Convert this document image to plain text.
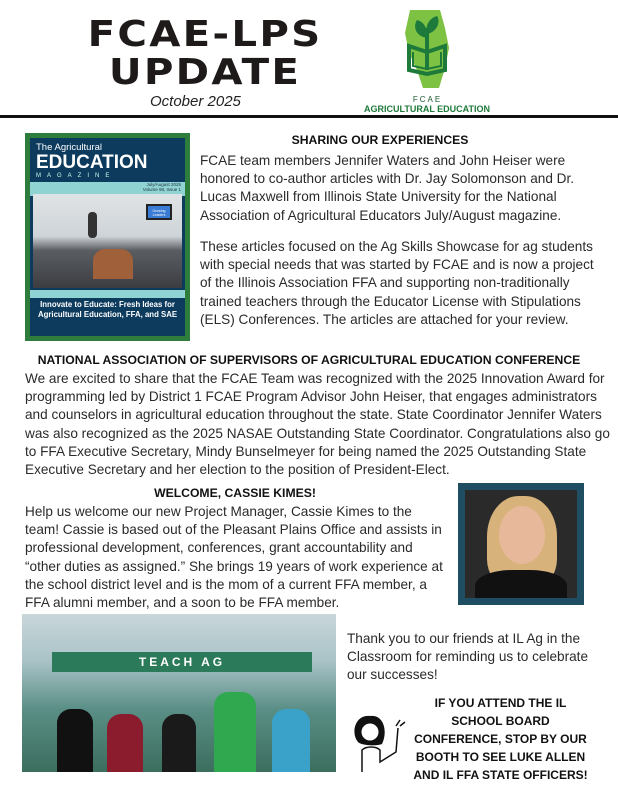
FCAE-LPS
UPDATE
October 2025	FCAE
AGRICULTURAL EDUCATION
The Agricultural
EDUCATION
MAGAZINE
July/August 2025
Volume 98, Issue 1
Growing Leaders
Innovate to Educate: Fresh Ideas for Agricultural Education, FFA, and SAE
SHARING OUR EXPERIENCES
FCAE team members Jennifer Waters and John Heiser were honored to co-author articles with Dr. Jay Solomonson and Dr. Lucas Maxwell from Illinois State University for the National Association of Agricultural Educators July/August magazine.
These articles focused on the Ag Skills Showcase for ag students with special needs that was started by FCAE and is now a project of the Illinois Association FFA and supporting non-traditionally trained teachers through the Educator License with Stipulations (ELS) Conferences. The articles are attached for your review.
NATIONAL ASSOCIATION OF SUPERVISORS OF AGRICULTURAL EDUCATION CONFERENCE
We are excited to share that the FCAE Team was recognized with the 2025 Innovation Award for programming led by District 1 FCAE Program Advisor John Heiser, that engages administrators and counselors in agricultural education throughout the state. State Coordinator Jennifer Waters was also recognized as the 2025 NASAE Outstanding State Coordinator. Congratulations also go to FFA Executive Secretary, Mindy Bunselmeyer for being named the 2025 Outstanding State Executive Secretary and her election to the position of President-Elect.
WELCOME, CASSIE KIMES!
Help us welcome our new Project Manager, Cassie Kimes to the team! Cassie is based out of the Pleasant Plains Office and assists in professional development, conferences, grant accountability and “other duties as assigned.” She brings 19 years of work experience at the school district level and is the mom of a current FFA member, a FFA alumni member, and a soon to be FFA member.
TEACH AG
Thank you to our friends at IL Ag in the Classroom for reminding us to celebrate our successes!
IF YOU ATTEND THE IL SCHOOL BOARD CONFERENCE, STOP BY OUR BOOTH TO SEE LUKE ALLEN AND IL FFA STATE OFFICERS!
